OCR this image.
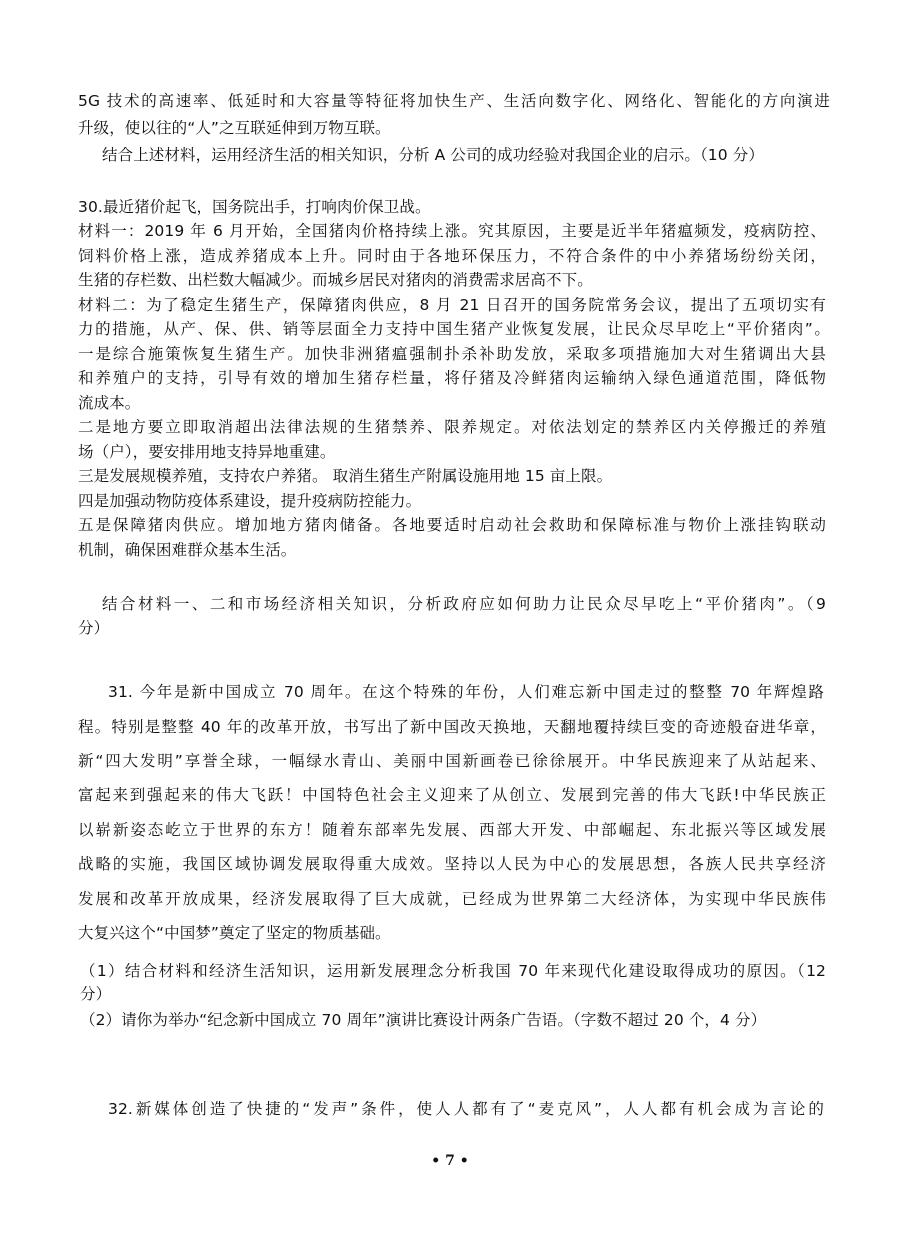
5G 技术的高速率、低延时和大容量等特征将加快生产、生活向数字化、网络化、智能化的方向演进
升级，使以往的“人”之互联延伸到万物互联。
结合上述材料，运用经济生活的相关知识，分析 A 公司的成功经验对我国企业的启示。（10 分）
30.最近猪价起飞，国务院出手，打响肉价保卫战。
材料一：2019 年 6 月开始，全国猪肉价格持续上涨。究其原因，主要是近半年猪瘟频发，疫病防控、
饲料价格上涨，造成养猪成本上升。同时由于各地环保压力，不符合条件的中小养猪场纷纷关闭，
生猪的存栏数、出栏数大幅减少。而城乡居民对猪肉的消费需求居高不下。
材料二：为了稳定生猪生产，保障猪肉供应，8 月 21 日召开的国务院常务会议，提出了五项切实有
力的措施，从产、保、供、销等层面全力支持中国生猪产业恢复发展，让民众尽早吃上“平价猪肉”。
一是综合施策恢复生猪生产。加快非洲猪瘟强制扑杀补助发放，采取多项措施加大对生猪调出大县
和养殖户的支持，引导有效的增加生猪存栏量，将仔猪及冷鲜猪肉运输纳入绿色通道范围，降低物
流成本。
二是地方要立即取消超出法律法规的生猪禁养、限养规定。对依法划定的禁养区内关停搬迁的养殖
场（户），要安排用地支持异地重建。
三是发展规模养殖，支持农户养猪。 取消生猪生产附属设施用地 15 亩上限。
四是加强动物防疫体系建设，提升疫病防控能力。
五是保障猪肉供应。增加地方猪肉储备。各地要适时启动社会救助和保障标准与物价上涨挂钩联动
机制，确保困难群众基本生活。
结合材料一、二和市场经济相关知识，分析政府应如何助力让民众尽早吃上“平价猪肉”。（9
分）
31. 今年是新中国成立 70 周年。在这个特殊的年份，人们难忘新中国走过的整整 70 年辉煌路
程。特别是整整 40 年的改革开放，书写出了新中国改天换地，天翻地覆持续巨变的奇迹般奋进华章，
新“四大发明”享誉全球，一幅绿水青山、美丽中国新画卷已徐徐展开。中华民族迎来了从站起来、
富起来到强起来的伟大飞跃！中国特色社会主义迎来了从创立、发展到完善的伟大飞跃!中华民族正
以崭新姿态屹立于世界的东方！随着东部率先发展、西部大开发、中部崛起、东北振兴等区域发展
战略的实施，我国区域协调发展取得重大成效。坚持以人民为中心的发展思想，各族人民共享经济
发展和改革开放成果，经济发展取得了巨大成就，已经成为世界第二大经济体，为实现中华民族伟
大复兴这个“中国梦”奠定了坚定的物质基础。
（1）结合材料和经济生活知识，运用新发展理念分析我国 70 年来现代化建设取得成功的原因。（12
分）
（2）请你为举办“纪念新中国成立 70 周年”演讲比赛设计两条广告语。（字数不超过 20 个，4 分）
32.新媒体创造了快捷的“发声”条件，使人人都有了“麦克风”，人人都有机会成为言论的
• 7 •
